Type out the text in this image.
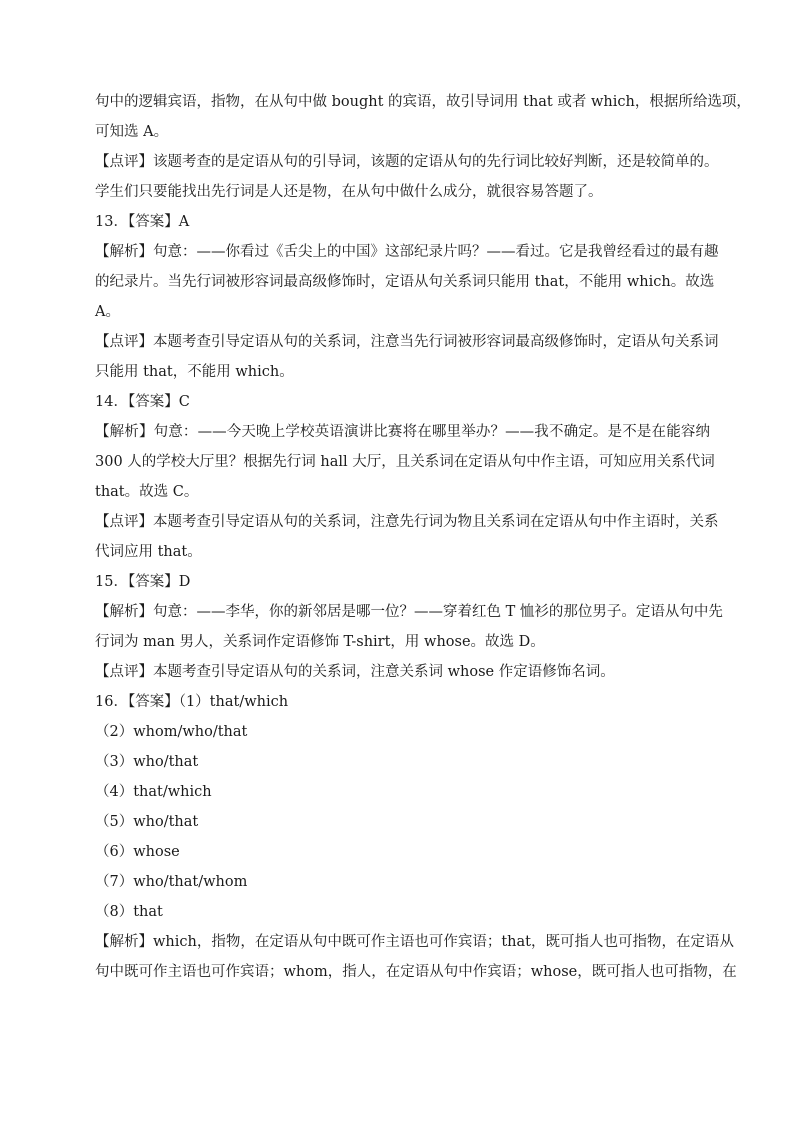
句中的逻辑宾语，指物，在从句中做 bought 的宾语，故引导词用 that 或者 which，根据所给选项，
可知选 A。
【点评】该题考查的是定语从句的引导词，该题的定语从句的先行词比较好判断，还是较简单的。
学生们只要能找出先行词是人还是物，在从句中做什么成分，就很容易答题了。
13．【答案】A
【解析】句意：——你看过《舌尖上的中国》这部纪录片吗？——看过。它是我曾经看过的最有趣
的纪录片。当先行词被形容词最高级修饰时，定语从句关系词只能用 that，不能用 which。故选
A。
【点评】本题考查引导定语从句的关系词，注意当先行词被形容词最高级修饰时，定语从句关系词
只能用 that，不能用 which。
14．【答案】C
【解析】句意：——今天晚上学校英语演讲比赛将在哪里举办？——我不确定。是不是在能容纳
300 人的学校大厅里？根据先行词 hall 大厅，且关系词在定语从句中作主语，可知应用关系代词
that。故选 C。
【点评】本题考查引导定语从句的关系词，注意先行词为物且关系词在定语从句中作主语时，关系
代词应用 that。
15．【答案】D
【解析】句意：——李华，你的新邻居是哪一位？——穿着红色 T 恤衫的那位男子。定语从句中先
行词为 man 男人，关系词作定语修饰 T-shirt，用 whose。故选 D。
【点评】本题考查引导定语从句的关系词，注意关系词 whose 作定语修饰名词。
16．【答案】（1）that/which
（2）whom/who/that
（3）who/that
（4）that/which
（5）who/that
（6）whose
（7）who/that/whom
（8）that
【解析】which，指物，在定语从句中既可作主语也可作宾语；that，既可指人也可指物，在定语从
句中既可作主语也可作宾语；whom，指人，在定语从句中作宾语；whose，既可指人也可指物，在
